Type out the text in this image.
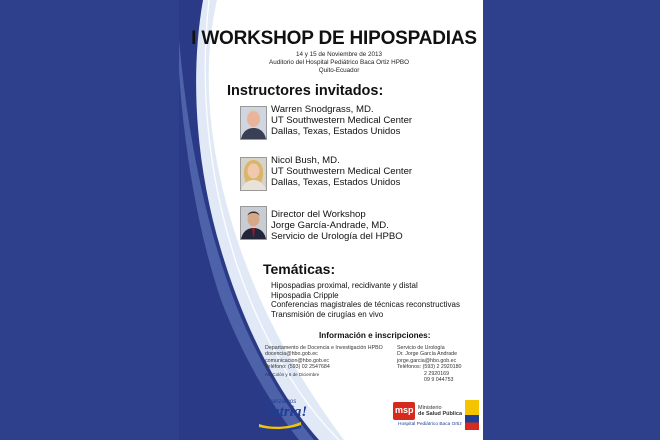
I WORKSHOP DE HIPOSPADIAS
14 y 15 de Noviembre de 2013
Auditorio del Hospital Pediátrico Baca Ortiz HPBO
Quito-Ecuador
Instructores invitados:
Warren Snodgrass, MD.
UT Southwestern Medical Center
Dallas, Texas, Estados Unidos
Nicol Bush, MD.
UT Southwestern Medical Center
Dallas, Texas, Estados Unidos
Director del Workshop
Jorge García-Andrade, MD.
Servicio de Urología del HPBO
Temáticas:
Hipospadias proximal, recidivante y distal
Hipospadia Cripple
Conferencias magistrales de técnicas reconstructivas
Transmisión de cirugías en vivo
Información e inscripciones:
Departamento de Docencia e Investigación HPBO
docencia@hbo.gob.ec
comunicacion@hbo.gob.ec
Teléfono: (593) 02 2547684
Av. Colón y 6 de Diciembre
Servicio de Urología
Dr. Jorge García Andrade
jorge.garcia@hbo.gob.ec
Teléfonos: (593) 2 2920180
2 2920169
09 9 044753
Avanzamos
Patria!	msp Ministerio
de Salud Pública
Hospital Pediátrico Baca Ortiz
